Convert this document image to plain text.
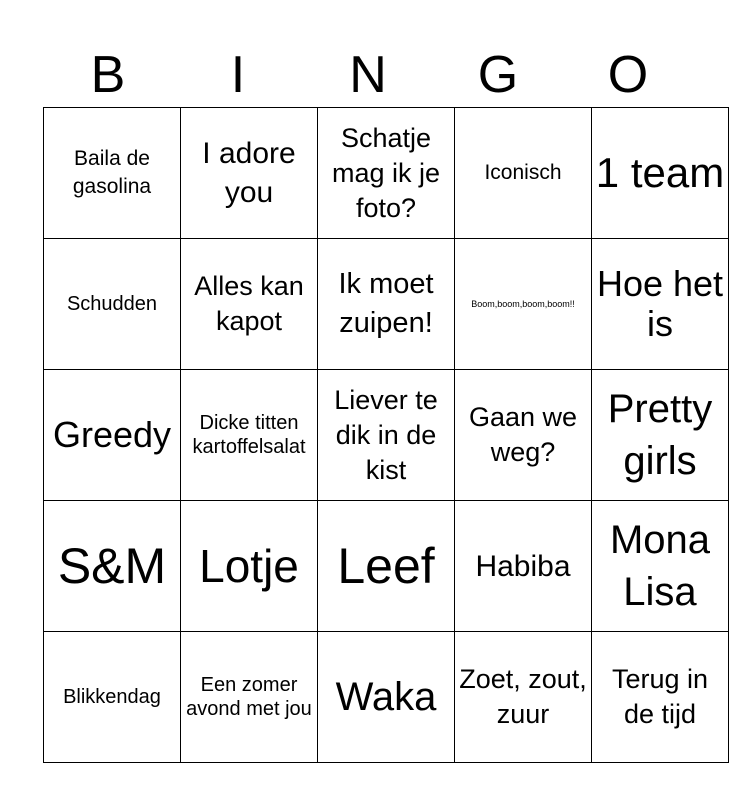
B	I	N	G	O
Baila de gasolina	I adore you	Schatje mag ik je foto?	Iconisch	1 team
Schudden	Alles kan kapot	Ik moet zuipen!	Boom,boom,boom,boom!!	Hoe het is
Greedy	Dicke titten kartoffelsalat	Liever te dik in de kist	Gaan we weg?	Pretty girls
S&M	Lotje	Leef	Habiba	Mona Lisa
Blikkendag	Een zomer avond met jou	Waka	Zoet, zout, zuur	Terug in de tijd
